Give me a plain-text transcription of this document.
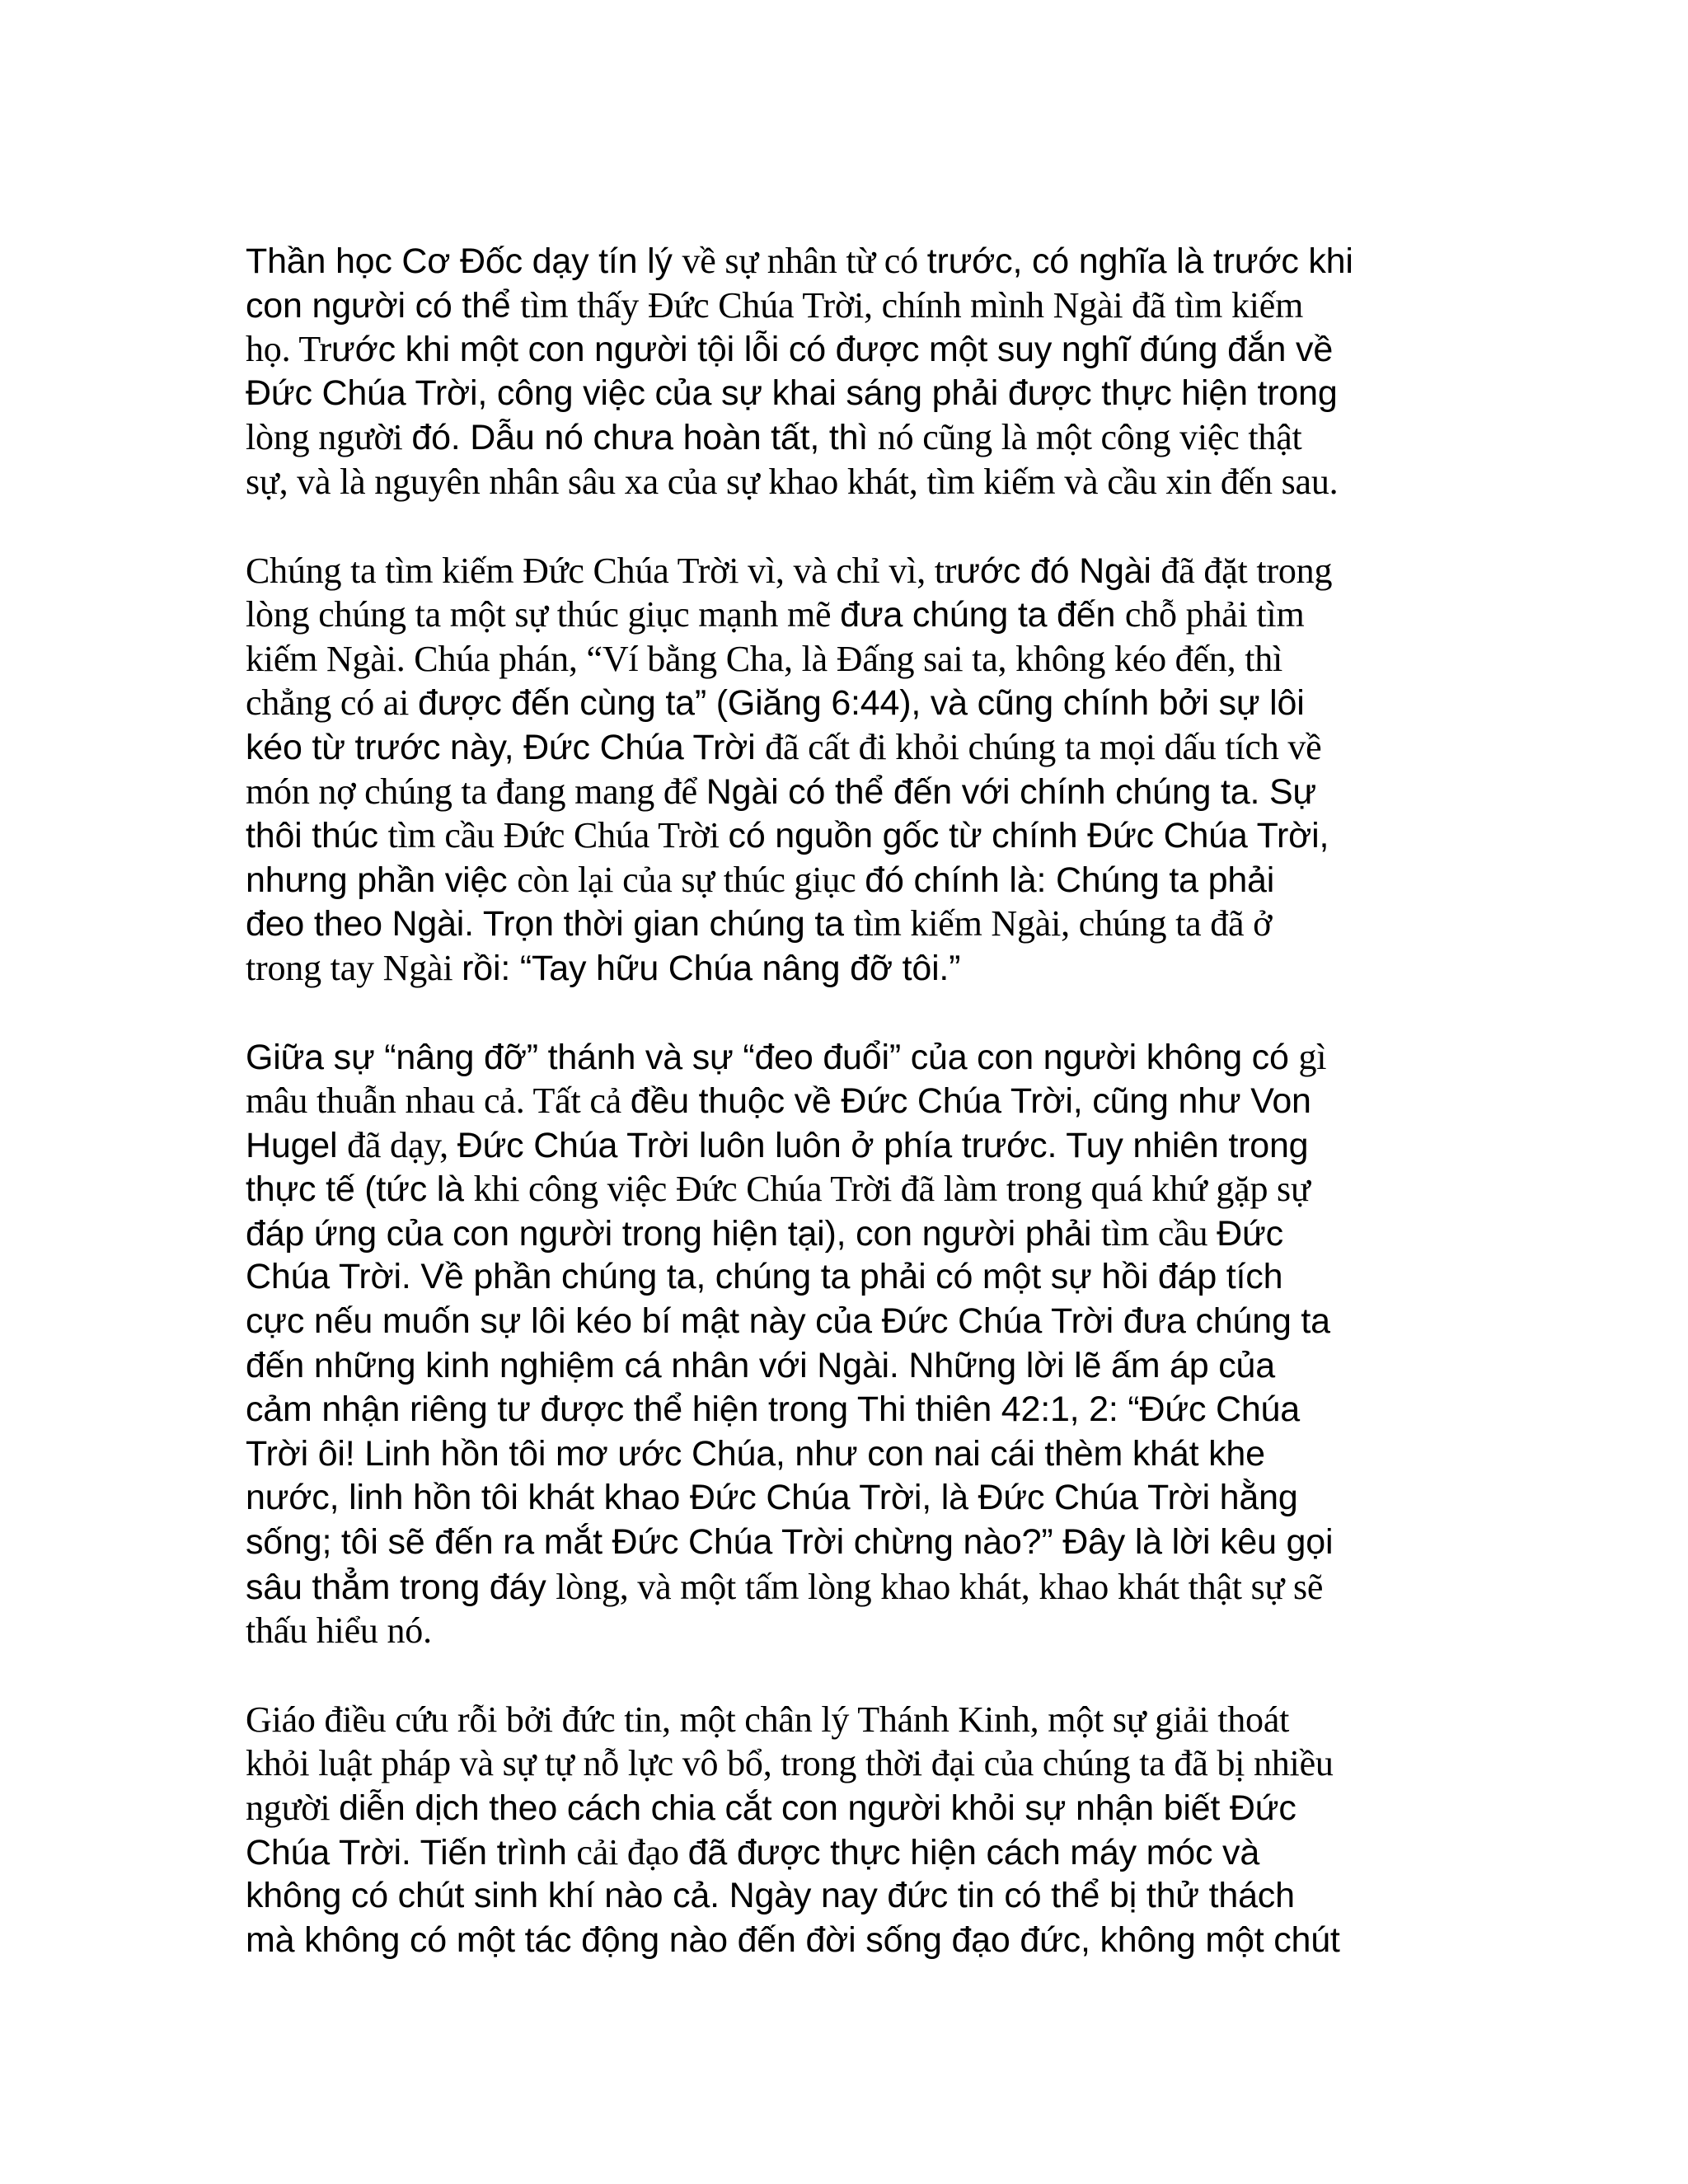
Thần học Cơ Đốc dạy tín lý về sự nhân từ có trước, có nghĩa là trước khi
con người có thể tìm thấy Đức Chúa Trời, chính mình Ngài đã tìm kiếm
họ. Trước khi một con người tội lỗi có được một suy nghĩ đúng đắn về
Đức Chúa Trời, công việc của sự khai sáng phải được thực hiện trong
lòng người đó. Dẫu nó chưa hoàn tất, thì nó cũng là một công việc thật
sự, và là nguyên nhân sâu xa của sự khao khát, tìm kiếm và cầu xin đến sau.
Chúng ta tìm kiếm Đức Chúa Trời vì, và chỉ vì, trước đó Ngài đã đặt trong
lòng chúng ta một sự thúc giục mạnh mẽ đưa chúng ta đến chỗ phải tìm
kiếm Ngài. Chúa phán, “Ví bằng Cha, là Đấng sai ta, không kéo đến, thì
chẳng có ai được đến cùng ta” (Giăng 6:44), và cũng chính bởi sự lôi
kéo từ trước này, Đức Chúa Trời đã cất đi khỏi chúng ta mọi dấu tích về
món nợ chúng ta đang mang để Ngài có thể đến với chính chúng ta. Sự
thôi thúc tìm cầu Đức Chúa Trời có nguồn gốc từ chính Đức Chúa Trời,
nhưng phần việc còn lại của sự thúc giục đó chính là: Chúng ta phải
đeo theo Ngài. Trọn thời gian chúng ta tìm kiếm Ngài, chúng ta đã ở
trong tay Ngài rồi: “Tay hữu Chúa nâng đỡ tôi.”
Giữa sự “nâng đỡ” thánh và sự “đeo đuổi” của con người không có gì
mâu thuẫn nhau cả. Tất cả đều thuộc về Đức Chúa Trời, cũng như Von
Hugel đã dạy, Đức Chúa Trời luôn luôn ở phía trước. Tuy nhiên trong
thực tế (tức là khi công việc Đức Chúa Trời đã làm trong quá khứ gặp sự
đáp ứng của con người trong hiện tại), con người phải tìm cầu Đức
Chúa Trời. Về phần chúng ta, chúng ta phải có một sự hồi đáp tích
cực nếu muốn sự lôi kéo bí mật này của Đức Chúa Trời đưa chúng ta
đến những kinh nghiệm cá nhân với Ngài. Những lời lẽ ấm áp của
cảm nhận riêng tư được thể hiện trong Thi thiên 42:1, 2: “Đức Chúa
Trời ôi! Linh hồn tôi mơ ước Chúa, như con nai cái thèm khát khe
nước, linh hồn tôi khát khao Đức Chúa Trời, là Đức Chúa Trời hằng
sống; tôi sẽ đến ra mắt Đức Chúa Trời chừng nào?” Đây là lời kêu gọi
sâu thẳm trong đáy lòng, và một tấm lòng khao khát, khao khát thật sự sẽ
thấu hiểu nó.
Giáo điều cứu rỗi bởi đức tin, một chân lý Thánh Kinh, một sự giải thoát
khỏi luật pháp và sự tự nỗ lực vô bổ, trong thời đại của chúng ta đã bị nhiều
người diễn dịch theo cách chia cắt con người khỏi sự nhận biết Đức
Chúa Trời. Tiến trình cải đạo đã được thực hiện cách máy móc và
không có chút sinh khí nào cả. Ngày nay đức tin có thể bị thử thách
mà không có một tác động nào đến đời sống đạo đức, không một chút
